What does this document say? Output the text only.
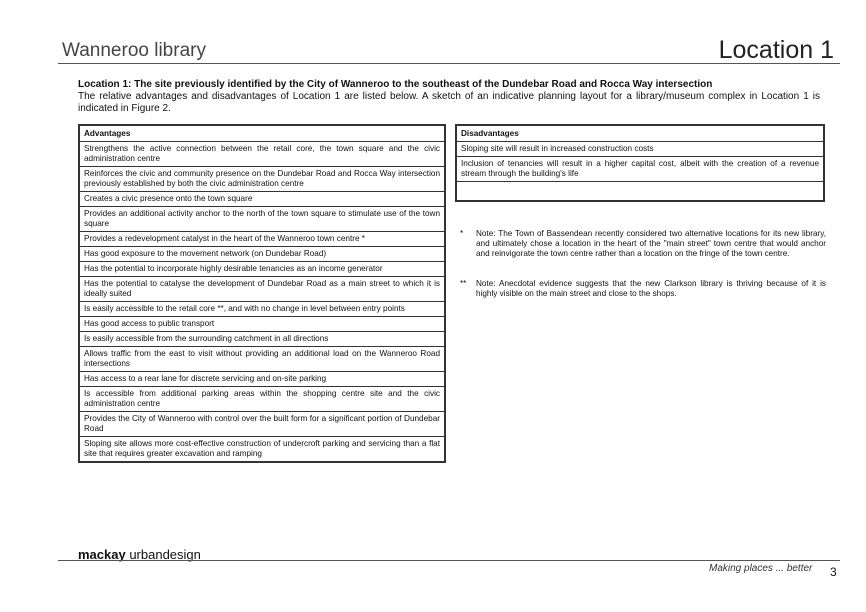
Wanneroo library	Location 1
Location 1: The site previously identified by the City of Wanneroo to the southeast of the Dundebar Road and Rocca Way intersection
The relative advantages and disadvantages of Location 1 are listed below. A sketch of an indicative planning layout for a library/museum complex in Location 1 is indicated in Figure 2.
Advantages
Strengthens the active connection between the retail core, the town square and the civic administration centre
Reinforces the civic and community presence on the Dundebar Road and Rocca Way intersection previously established by both the civic administration centre
Creates a civic presence onto the town square
Provides an additional activity anchor to the north of the town square to stimulate use of the town square
Provides a redevelopment catalyst in the heart of the Wanneroo town centre *
Has good exposure to the movement network (on Dundebar Road)
Has the potential to incorporate highly desirable tenancies as an income generator
Has the potential to catalyse the development of Dundebar Road as a main street to which it is ideally suited
Is easily accessible to the retail core **, and with no change in level between entry points
Has good access to public transport
Is easily accessible from the surrounding catchment in all directions
Allows traffic from the east to visit without providing an additional load on the Wanneroo Road intersections
Has access to a rear lane for discrete servicing and on-site parking
Is accessible from additional parking areas within the shopping centre site and the civic administration centre
Provides the City of Wanneroo with control over the built form for a significant portion of Dundebar Road
Sloping site allows more cost-effective construction of undercroft parking and servicing than a flat site that requires greater excavation and ramping
Disadvantages
Sloping site will result in increased construction costs
Inclusion of tenancies will result in a higher capital cost, albeit with the creation of a revenue stream through the building's life

* Note: The Town of Bassendean recently considered two alternative locations for its new library, and ultimately chose a location in the heart of the "main street" town centre that would anchor and reinvigorate the town centre rather than a location on the fringe of the town centre.
** Note: Anecdotal evidence suggests that the new Clarkson library is thriving because of it is highly visible on the main street and close to the shops.
mackay urbandesign
Making places ... better 3
